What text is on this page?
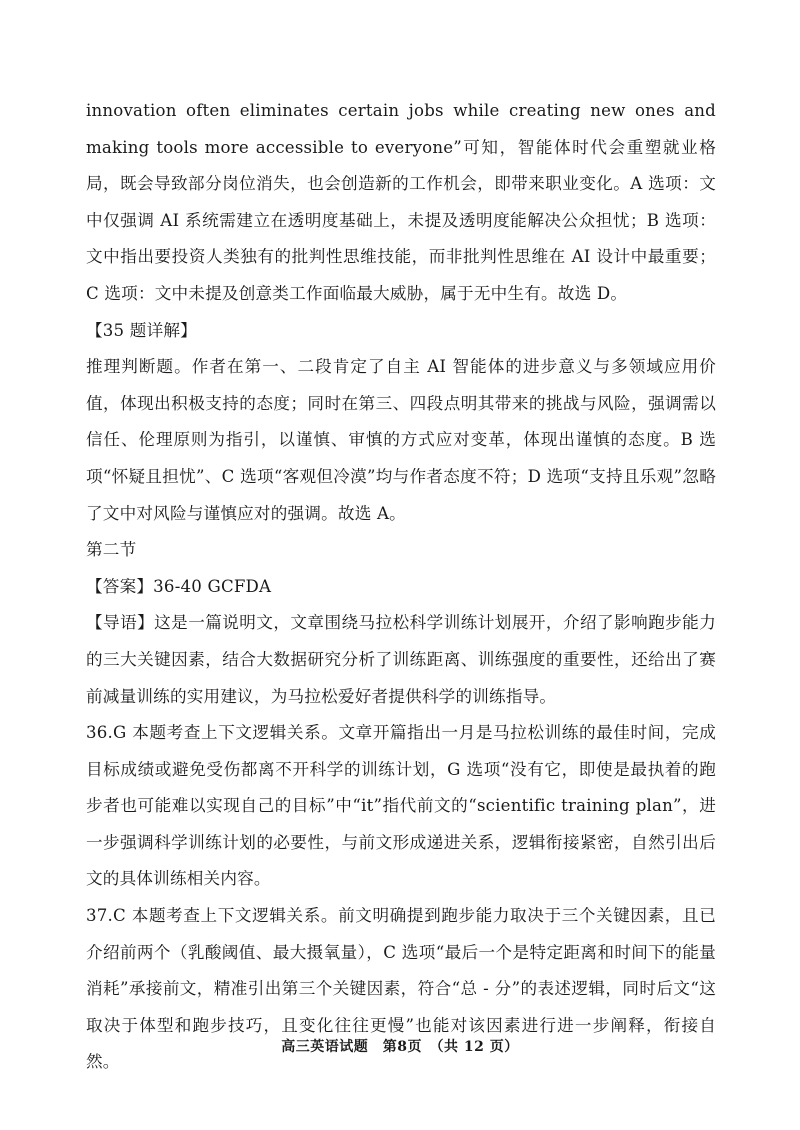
innovation often eliminates certain jobs while creating new ones and making tools more accessible to everyone”可知，智能体时代会重塑就业格局，既会导致部分岗位消失，也会创造新的工作机会，即带来职业变化。A 选项：文中仅强调 AI 系统需建立在透明度基础上，未提及透明度能解决公众担忧；B 选项：文中指出要投资人类独有的批判性思维技能，而非批判性思维在 AI 设计中最重要；C 选项：文中未提及创意类工作面临最大威胁，属于无中生有。故选 D。

【35 题详解】

推理判断题。作者在第一、二段肯定了自主 AI 智能体的进步意义与多领域应用价值，体现出积极支持的态度；同时在第三、四段点明其带来的挑战与风险，强调需以信任、伦理原则为指引，以谨慎、审慎的方式应对变革，体现出谨慎的态度。B 选项“怀疑且担忧”、C 选项“客观但冷漠”均与作者态度不符；D 选项“支持且乐观”忽略了文中对风险与谨慎应对的强调。故选 A。

第二节

【答案】36-40 GCFDA

【导语】这是一篇说明文，文章围绕马拉松科学训练计划展开，介绍了影响跑步能力的三大关键因素，结合大数据研究分析了训练距离、训练强度的重要性，还给出了赛前减量训练的实用建议，为马拉松爱好者提供科学的训练指导。

36.G 本题考查上下文逻辑关系。文章开篇指出一月是马拉松训练的最佳时间，完成目标成绩或避免受伤都离不开科学的训练计划，G 选项“没有它，即使是最执着的跑步者也可能难以实现自己的目标”中“it”指代前文的“scientific training plan”，进一步强调科学训练计划的必要性，与前文形成递进关系，逻辑衔接紧密，自然引出后文的具体训练相关内容。

37.C 本题考查上下文逻辑关系。前文明确提到跑步能力取决于三个关键因素，且已介绍前两个（乳酸阈值、最大摄氧量），C 选项“最后一个是特定距离和时间下的能量消耗”承接前文，精准引出第三个关键因素，符合“总 - 分”的表述逻辑，同时后文“这取决于体型和跑步技巧，且变化往往更慢”也能对该因素进行进一步阐释，衔接自然。

高三英语试题　第8页　（共 12 页）
